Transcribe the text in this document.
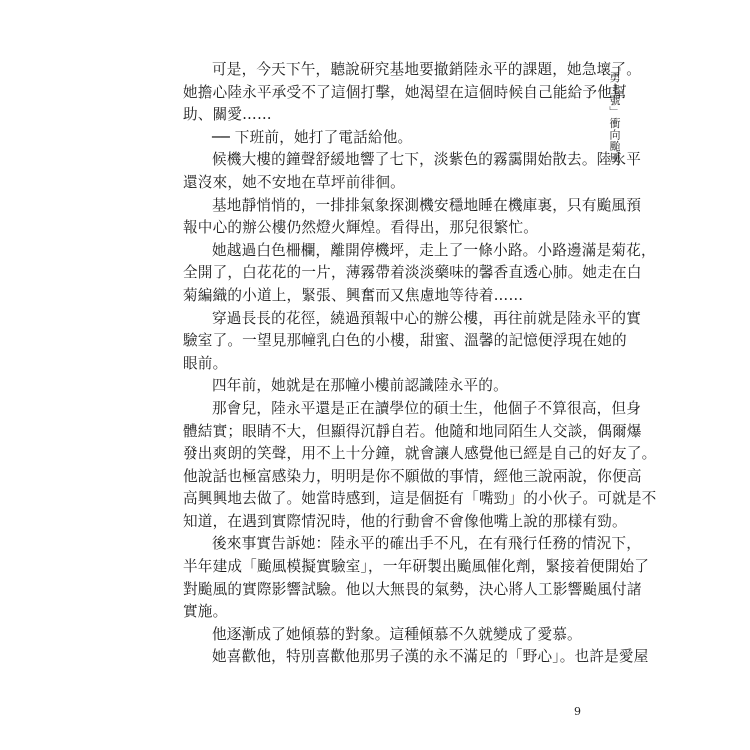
可是，今天下午，聽說研究基地要撤銷陸永平的課題，她急壞了。
她擔心陸永平承受不了這個打擊，她渴望在這個時候自己能給予他幫
助、關愛……
── 下班前，她打了電話給他。
候機大樓的鐘聲舒緩地響了七下，淡紫色的霧靄開始散去。陸永平
還沒來，她不安地在草坪前徘徊。
基地靜悄悄的，一排排氣象探測機安穩地睡在機庫裏，只有颱風預
報中心的辦公樓仍然燈火輝煌。看得出，那兒很繁忙。
她越過白色柵欄，離開停機坪，走上了一條小路。小路邊滿是菊花，
全開了，白花花的一片，薄霧帶着淡淡藥味的馨香直透心肺。她走在白
菊編織的小道上，緊張、興奮而又焦慮地等待着……
穿過長長的花徑，繞過預報中心的辦公樓，再往前就是陸永平的實
驗室了。一望見那幢乳白色的小樓，甜蜜、溫馨的記憶便浮現在她的
眼前。
四年前，她就是在那幢小樓前認識陸永平的。
那會兒，陸永平還是正在讀學位的碩士生，他個子不算很高，但身
體結實；眼睛不大，但顯得沉靜自若。他隨和地同陌生人交談，偶爾爆
發出爽朗的笑聲，用不上十分鐘，就會讓人感覺他已經是自己的好友了。
他說話也極富感染力，明明是你不願做的事情，經他三說兩說，你便高
高興興地去做了。她當時感到，這是個挺有「嘴勁」的小伙子。可就是不
知道，在遇到實際情況時，他的行動會不會像他嘴上說的那樣有勁。
後來事實告訴她：陸永平的確出手不凡，在有飛行任務的情況下，
半年建成「颱風模擬實驗室」，一年研製出颱風催化劑，緊接着便開始了
對颱風的實際影響試驗。他以大無畏的氣勢，決心將人工影響颱風付諸
實施。
他逐漸成了她傾慕的對象。這種傾慕不久就變成了愛慕。
她喜歡他，特別喜歡他那男子漢的永不滿足的「野心」。也許是愛屋
「勇士號」衝向颱風
9
